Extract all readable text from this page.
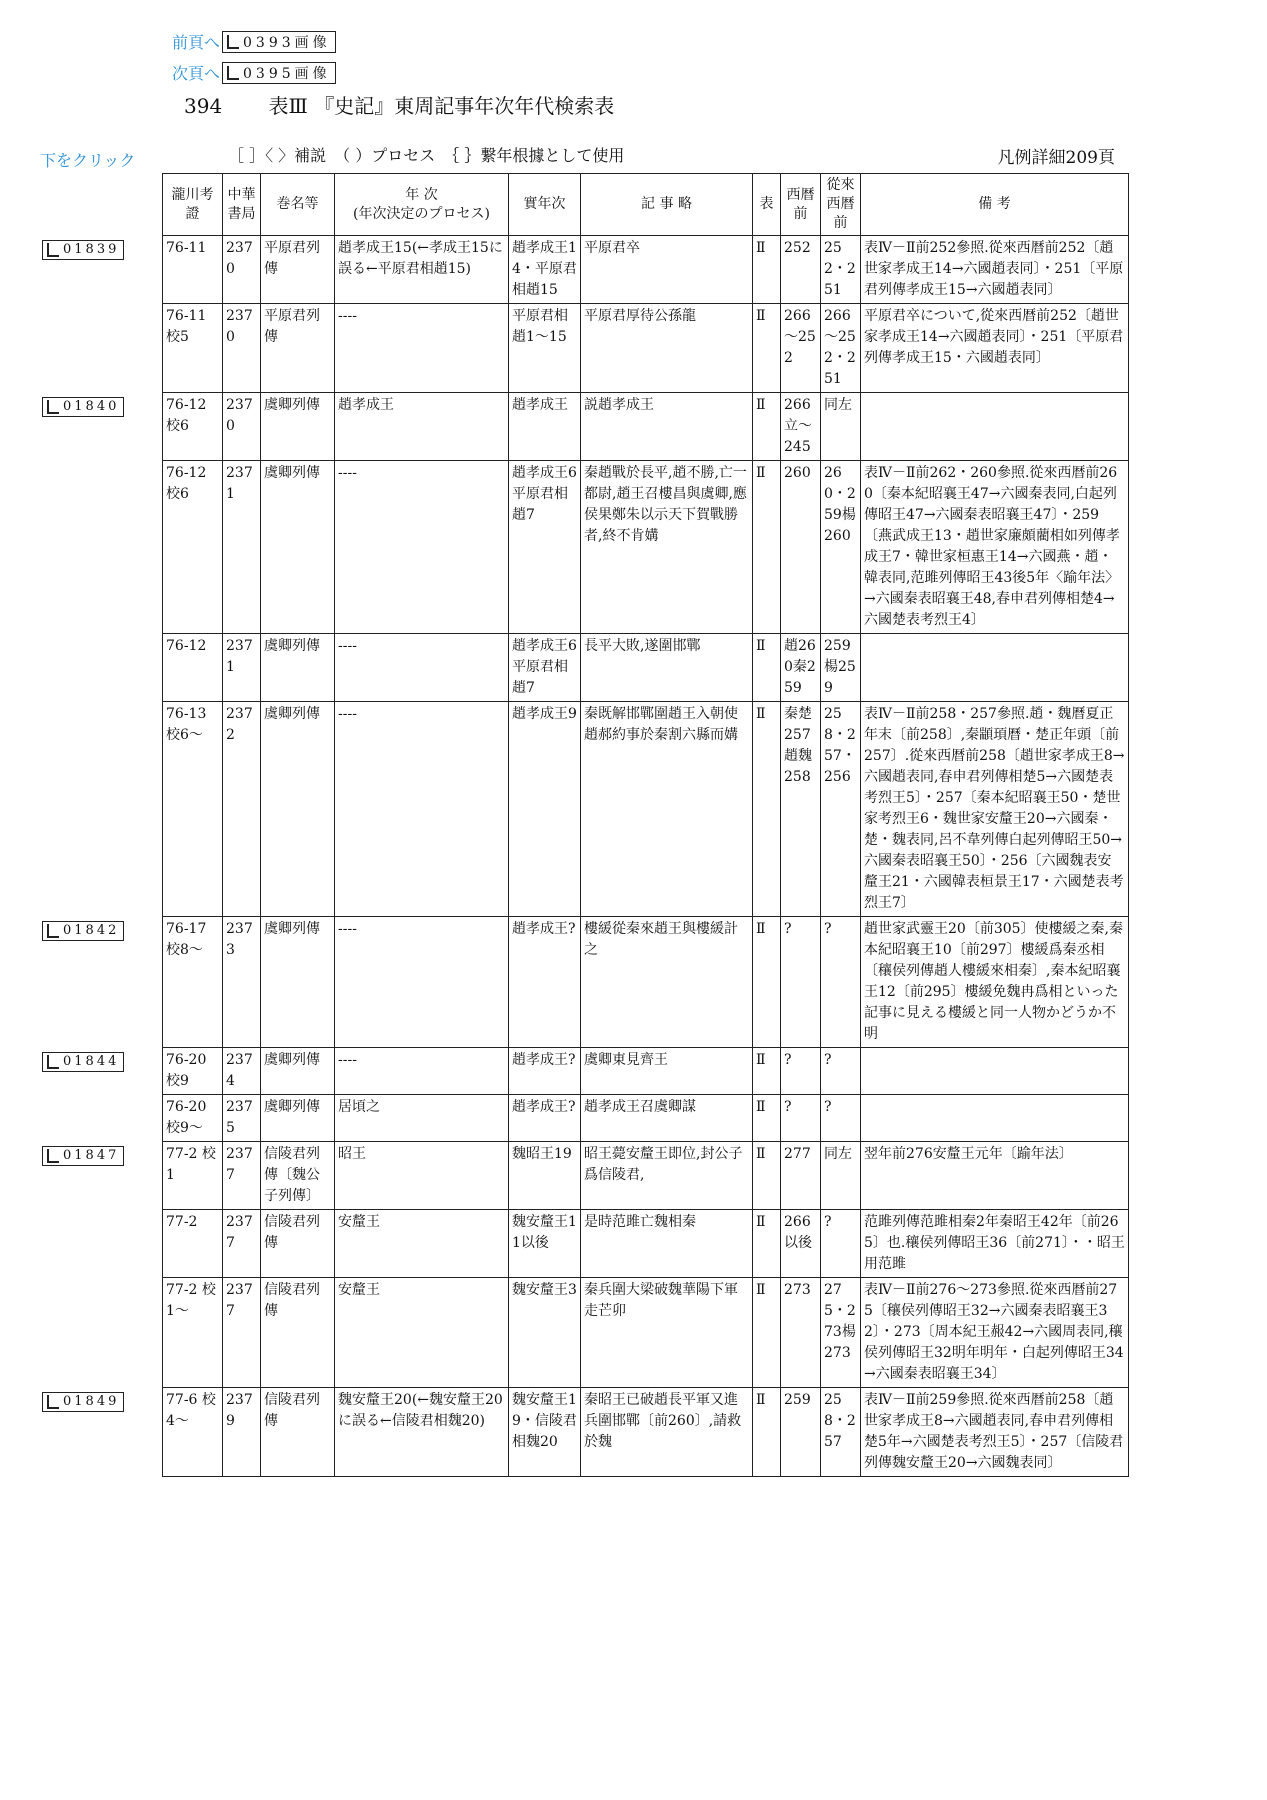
前頁へ 0393画像
次頁へ 0395画像
394 表Ⅲ 『史記』東周記事年次年代検索表
下をクリック	［ ］〈 〉補説　（ ）プロセス　｛ ｝繋年根據として使用	凡例詳細209頁
瀧川考證	中華書局	巻名等	年 次
(年次決定のプロセス)	實年次	記 事 略	表	西暦前	從來西暦前	備 考
76-11	2370	平原君列傳	趙孝成王15(←孝成王15に誤る←平原君相趙15)	趙孝成王14・平原君相趙15	平原君卒	Ⅱ	252	252・251	表Ⅳ－Ⅱ前252參照.從來西暦前252〔趙世家孝成王14→六國趙表同〕・251〔平原君列傳孝成王15→六國趙表同〕
76-11 校5	2370	平原君列傳	----	平原君相趙1～15	平原君厚待公孫龍	Ⅱ	266～252	266～252・251	平原君卒について,從來西暦前252〔趙世家孝成王14→六國趙表同〕・251〔平原君列傳孝成王15・六國趙表同〕
76-12 校6	2370	虞卿列傳	趙孝成王	趙孝成王	説趙孝成王	Ⅱ	266立～245	同左	
76-12 校6	2371	虞卿列傳	----	趙孝成王6平原君相趙7	秦趙戰於長平,趙不勝,亡一都尉,趙王召樓昌與虞卿,應侯果鄭朱以示天下賀戰勝者,終不肯媾	Ⅱ	260	260・259楊260	表Ⅳ－Ⅱ前262・260參照.從來西暦前260〔秦本紀昭襄王47→六國秦表同,白起列傳昭王47→六國秦表昭襄王47〕・259〔燕武成王13・趙世家廉頗藺相如列傳孝成王7・韓世家桓惠王14→六國燕・趙・韓表同,范雎列傳昭王43後5年〈踰年法〉→六國秦表昭襄王48,春申君列傳相楚4→六國楚表考烈王4〕
76-12	2371	虞卿列傳	----	趙孝成王6平原君相趙7	長平大敗,遂圍邯鄲	Ⅱ	趙260秦259	259楊259	
76-13 校6～	2372	虞卿列傳	----	趙孝成王9	秦既解邯鄲圍趙王入朝使趙郝約事於秦割六縣而媾	Ⅱ	秦楚257趙魏258	258・257・256	表Ⅳ－Ⅱ前258・257參照.趙・魏曆夏正年末〔前258〕,秦顓頊曆・楚正年頭〔前257〕.從來西暦前258〔趙世家孝成王8→六國趙表同,春申君列傳相楚5→六國楚表考烈王5〕・257〔秦本紀昭襄王50・楚世家考烈王6・魏世家安釐王20→六國秦・楚・魏表同,呂不韋列傳白起列傳昭王50→六國秦表昭襄王50〕・256〔六國魏表安釐王21・六國韓表桓景王17・六國楚表考烈王7〕
76-17 校8～	2373	虞卿列傳	----	趙孝成王?	樓緩從秦來趙王與樓緩計之	Ⅱ	?	?	趙世家武靈王20〔前305〕使樓緩之秦,秦本紀昭襄王10〔前297〕樓緩爲秦丞相〔穰侯列傳趙人樓緩來相秦〕,秦本紀昭襄王12〔前295〕樓緩免魏冉爲相といった記事に見える樓緩と同一人物かどうか不明
76-20 校9	2374	虞卿列傳	----	趙孝成王?	虞卿東見齊王	Ⅱ	?	?	
76-20 校9～	2375	虞卿列傳	居頃之	趙孝成王?	趙孝成王召虞卿謀	Ⅱ	?	?	
77-2 校1	2377	信陵君列傳〔魏公子列傳〕	昭王	魏昭王19	昭王薨安釐王即位,封公子爲信陵君,	Ⅱ	277	同左	翌年前276安釐王元年〔踰年法〕
77-2	2377	信陵君列傳	安釐王	魏安釐王11以後	是時范雎亡魏相秦	Ⅱ	266以後	?	范雎列傳范雎相秦2年秦昭王42年〔前265〕也.穰侯列傳昭王36〔前271〕・・昭王用范雎
77-2 校1～	2377	信陵君列傳	安釐王	魏安釐王3	秦兵圍大梁破魏華陽下軍走芒卯	Ⅱ	273	275・273楊273	表Ⅳ－Ⅱ前276～273參照.從來西暦前275〔穰侯列傳昭王32→六國秦表昭襄王32〕・273〔周本紀王赧42→六國周表同,穰侯列傳昭王32明年明年・白起列傳昭王34→六國秦表昭襄王34〕
77-6 校4～	2379	信陵君列傳	魏安釐王20(←魏安釐王20に誤る←信陵君相魏20)	魏安釐王19・信陵君相魏20	秦昭王已破趙長平軍又進兵圍邯鄲〔前260〕,請救於魏	Ⅱ	259	258・257	表Ⅳ－Ⅱ前259參照.從來西暦前258〔趙世家孝成王8→六國趙表同,春申君列傳相楚5年→六國楚表考烈王5〕・257〔信陵君列傳魏安釐王20→六國魏表同〕
01839
01840
01842
01844
01847
01849
